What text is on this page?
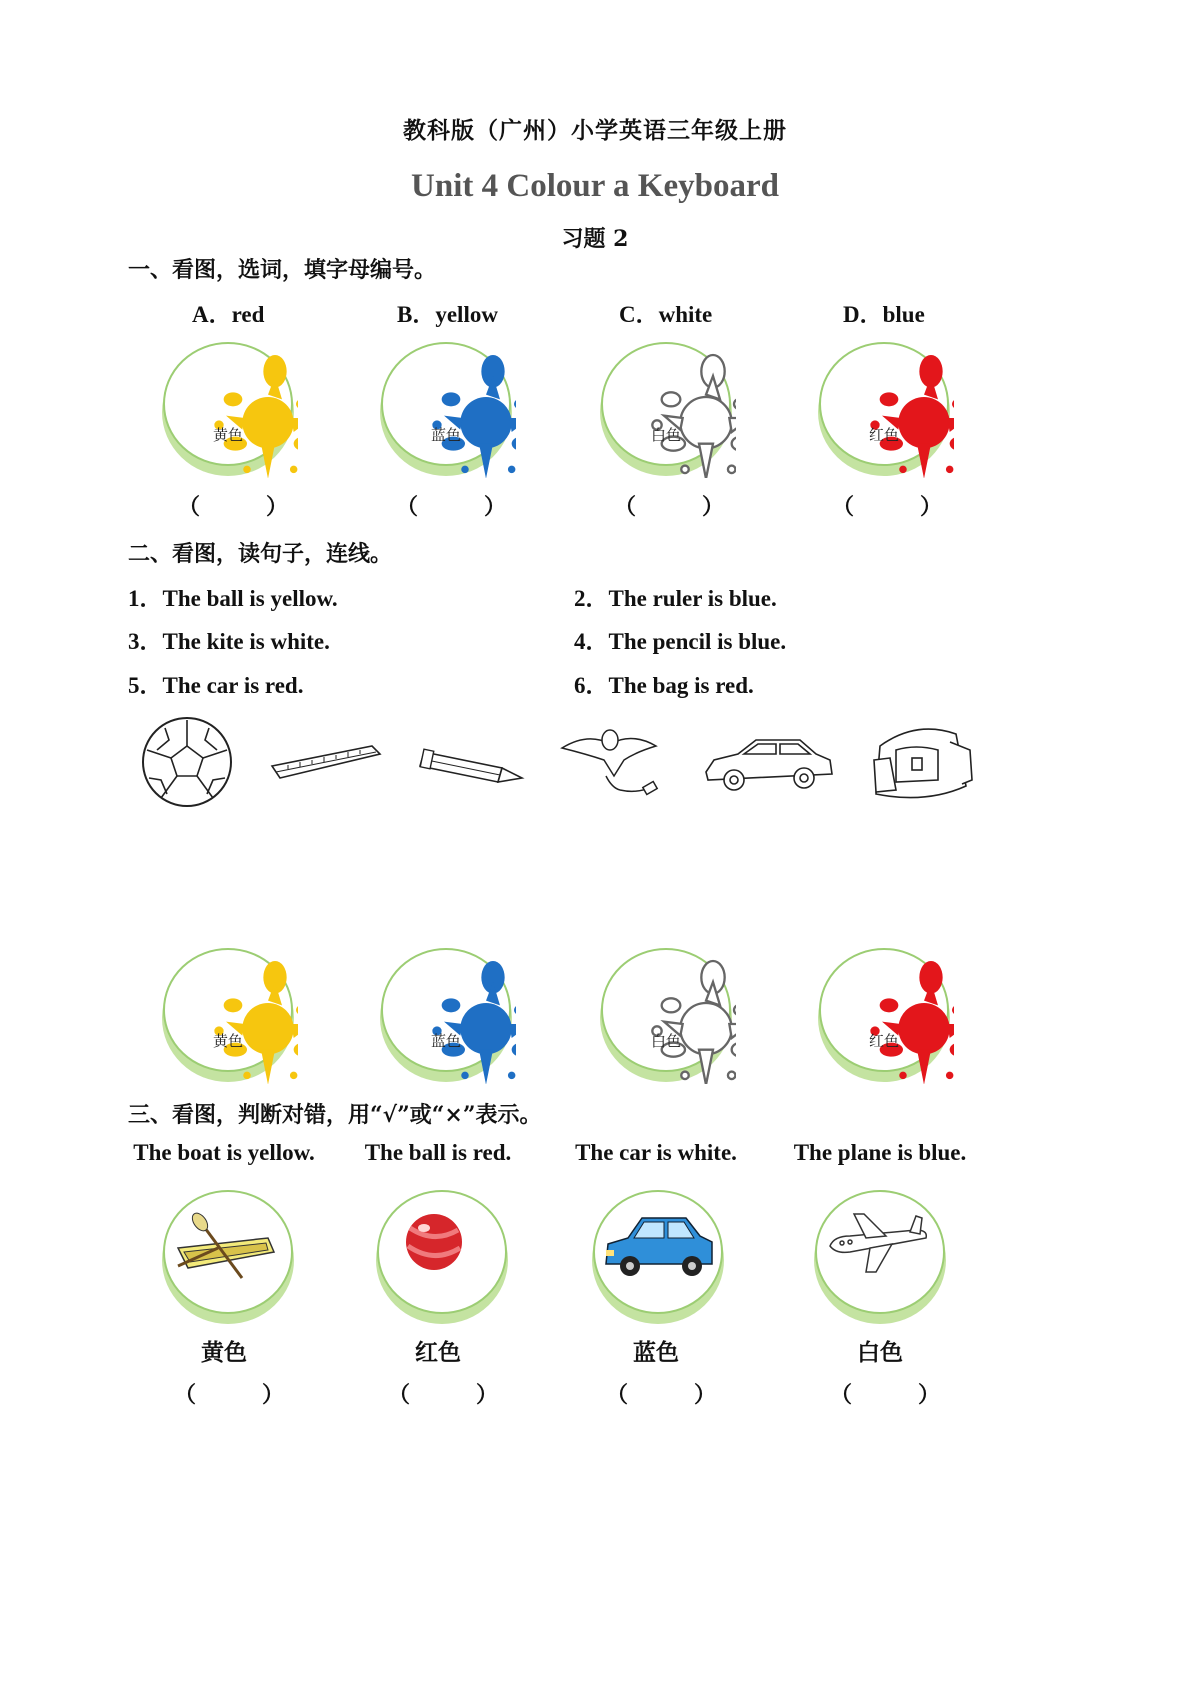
教科版（广州）小学英语三年级上册
Unit 4 Colour a Keyboard
习题 2
一、看图，选词，填字母编号。
A．red	B．yellow	C．white	D．blue
黄色	蓝色	白色	红色
（	）	（	）	（	）	（	）
二、看图，读句子，连线。
1．The ball is yellow.	2．The ruler is blue.
3．The kite is white.	4．The pencil is blue.
5．The car is red.	6．The bag is red.
黄色	蓝色	白色	红色
三、看图，判断对错，用“√”或“×”表示。
The boat is yellow.	The ball is red.	The car is white.	The plane is blue.
黄色	红色	蓝色	白色
（	）	（	）	（	）	（	）
